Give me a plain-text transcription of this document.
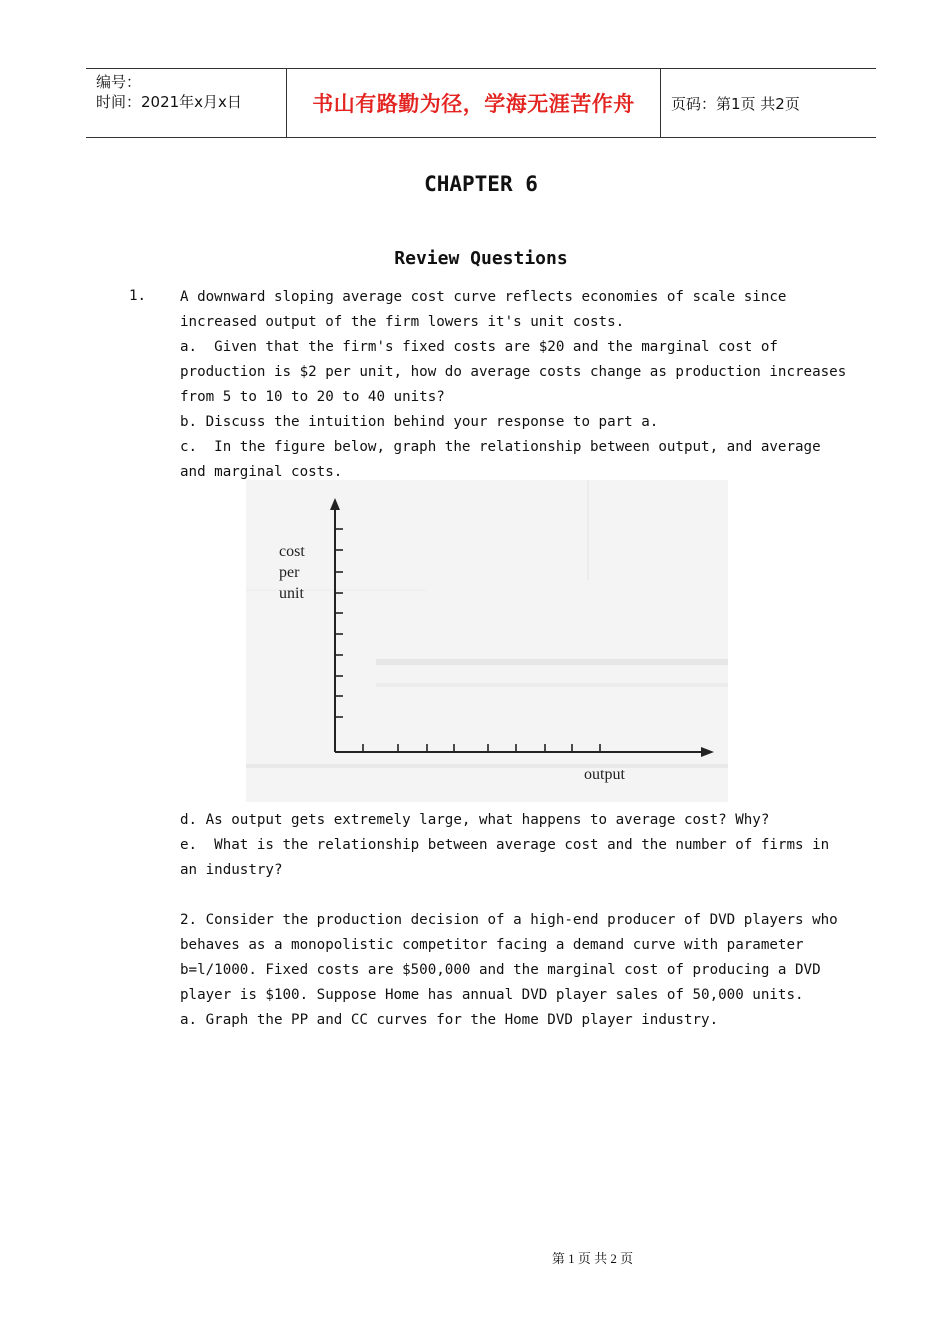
编号：
时间：2021年x月x日	书山有路勤为径，学海无涯苦作舟 页码：第1页 共2页
CHAPTER 6
Review Questions
1. A downward sloping average cost curve reflects economies of scale since
increased output of the firm lowers it's unit costs.
a.  Given that the firm's fixed costs are $20 and the marginal cost of
production is $2 per unit, how do average costs change as production increases
from 5 to 10 to 20 to 40 units?
b. Discuss the intuition behind your response to part a.
c.  In the figure below, graph the relationship between output, and average
and marginal costs.
cost
per
unit
output
d. As output gets extremely large, what happens to average cost? Why?
e.  What is the relationship between average cost and the number of firms in
an industry?
2. Consider the production decision of a high-end producer of DVD players who
behaves as a monopolistic competitor facing a demand curve with parameter
b=l/1000. Fixed costs are $500,000 and the marginal cost of producing a DVD
player is $100. Suppose Home has annual DVD player sales of 50,000 units.
a. Graph the PP and CC curves for the Home DVD player industry.
第 1 页 共 2 页
